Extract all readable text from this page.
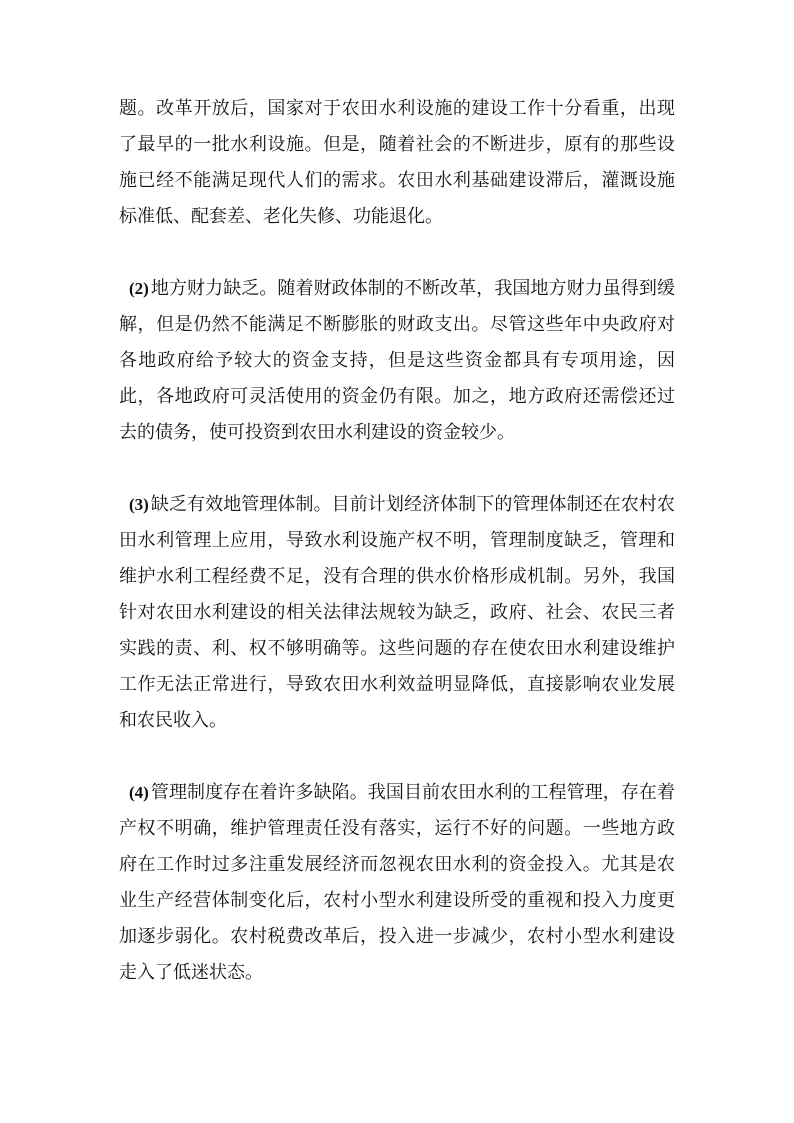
题。改革开放后，国家对于农田水利设施的建设工作十分看重，出现了最早的一批水利设施。但是，随着社会的不断进步，原有的那些设施已经不能满足现代人们的需求。农田水利基础建设滞后，灌溉设施标准低、配套差、老化失修、功能退化。

(2) 地方财力缺乏。随着财政体制的不断改革，我国地方财力虽得到缓解，但是仍然不能满足不断膨胀的财政支出。尽管这些年中央政府对各地政府给予较大的资金支持，但是这些资金都具有专项用途，因此，各地政府可灵活使用的资金仍有限。加之，地方政府还需偿还过去的债务，使可投资到农田水利建设的资金较少。

(3) 缺乏有效地管理体制。目前计划经济体制下的管理体制还在农村农田水利管理上应用，导致水利设施产权不明，管理制度缺乏，管理和维护水利工程经费不足，没有合理的供水价格形成机制。另外，我国针对农田水利建设的相关法律法规较为缺乏，政府、社会、农民三者实践的责、利、权不够明确等。这些问题的存在使农田水利建设维护工作无法正常进行，导致农田水利效益明显降低，直接影响农业发展和农民收入。

(4) 管理制度存在着许多缺陷。我国目前农田水利的工程管理，存在着产权不明确，维护管理责任没有落实，运行不好的问题。一些地方政府在工作时过多注重发展经济而忽视农田水利的资金投入。尤其是农业生产经营体制变化后，农村小型水利建设所受的重视和投入力度更加逐步弱化。农村税费改革后，投入进一步减少，农村小型水利建设走入了低迷状态。
